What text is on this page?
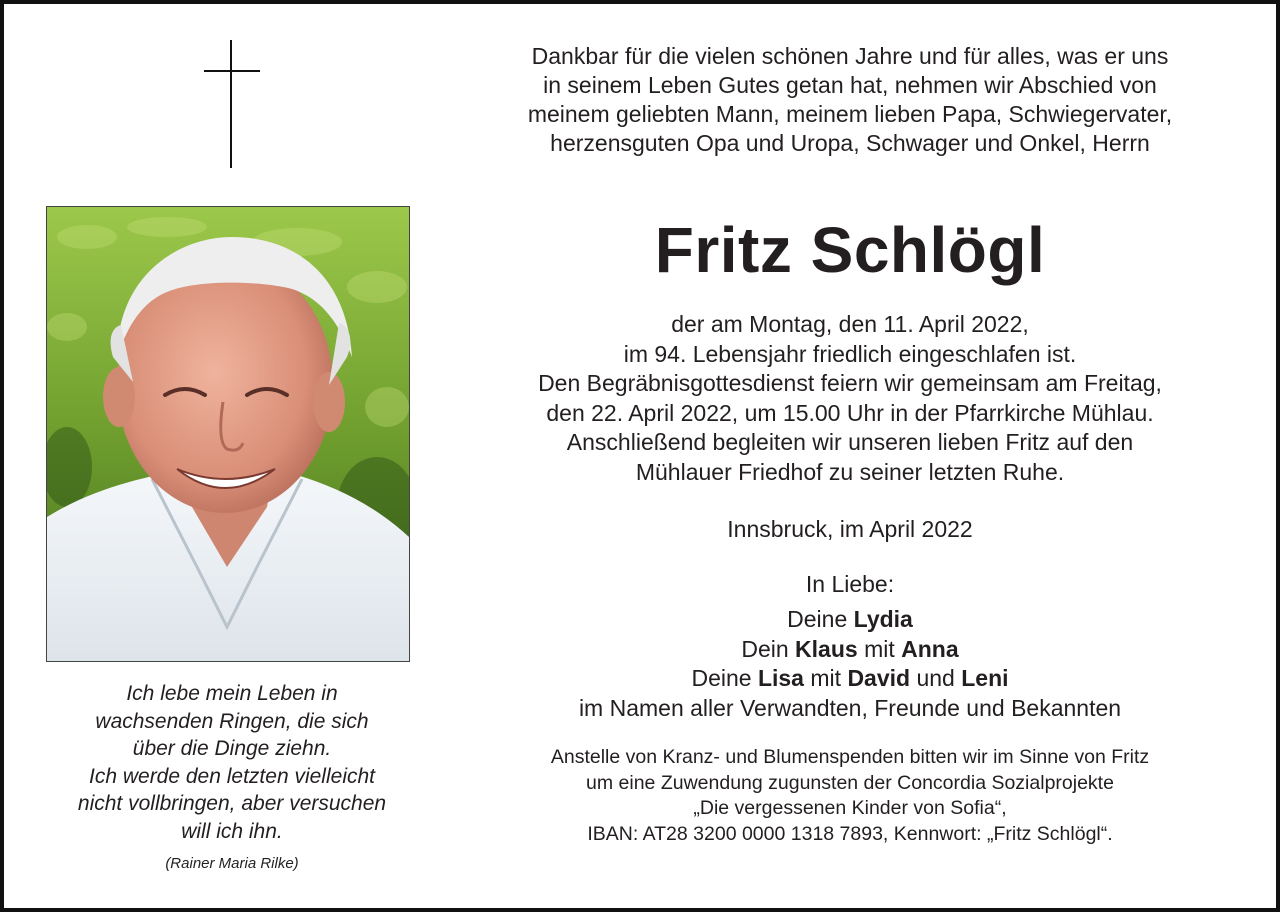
Ich lebe mein Leben in
wachsenden Ringen, die sich
über die Dinge ziehn.
Ich werde den letzten vielleicht
nicht vollbringen, aber versuchen
will ich ihn.
(Rainer Maria Rilke)
Dankbar für die vielen schönen Jahre und für alles, was er uns
in seinem Leben Gutes getan hat, nehmen wir Abschied von
meinem geliebten Mann, meinem lieben Papa, Schwiegervater,
herzensguten Opa und Uropa, Schwager und Onkel, Herrn
Fritz Schlögl
der am Montag, den 11. April 2022,
im 94. Lebensjahr friedlich eingeschlafen ist.
Den Begräbnisgottesdienst feiern wir gemeinsam am Freitag,
den 22. April 2022, um 15.00 Uhr in der Pfarrkirche Mühlau.
Anschließend begleiten wir unseren lieben Fritz auf den
Mühlauer Friedhof zu seiner letzten Ruhe.
Innsbruck, im April 2022
In Liebe:
Deine Lydia
Dein Klaus mit Anna
Deine Lisa mit David und Leni
im Namen aller Verwandten, Freunde und Bekannten
Anstelle von Kranz- und Blumenspenden bitten wir im Sinne von Fritz
um eine Zuwendung zugunsten der Concordia Sozialprojekte
„Die vergessenen Kinder von Sofia“,
IBAN: AT28 3200 0000 1318 7893, Kennwort: „Fritz Schlögl“.
